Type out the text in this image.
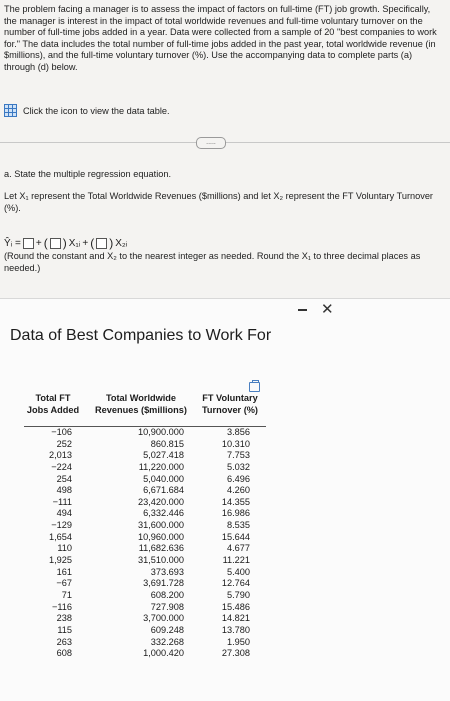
The problem facing a manager is to assess the impact of factors on full-time (FT) job growth. Specifically, the manager is interest in the impact of total worldwide revenues and full-time voluntary turnover on the number of full-time jobs added in a year. Data were collected from a sample of 20 "best companies to work for." The data includes the total number of full-time jobs added in the past year, total worldwide revenue (in $millions), and the full-time voluntary turnover (%). Use the accompanying data to complete parts (a) through (d) below.
Click the icon to view the data table.
.....
a. State the multiple regression equation.
Let X₁ represent the Total Worldwide Revenues ($millions) and let X₂ represent the FT Voluntary Turnover (%).
Ŷᵢ = + ( ) X₁ᵢ + ( ) X₂ᵢ
(Round the constant and X₂ to the nearest integer as needed. Round the X₁ to three decimal places as needed.)
Data of Best Companies to Work For
✕
Total FT
Jobs Added
Total Worldwide
Revenues ($millions)
FT Voluntary
Turnover (%)
−106	10,900.000	3.856
252	860.815	10.310
2,013	5,027.418	7.753
−224	11,220.000	5.032
254	5,040.000	6.496
498	6,671.684	4.260
−111	23,420.000	14.355
494	6,332.446	16.986
−129	31,600.000	8.535
1,654	10,960.000	15.644
110	11,682.636	4.677
1,925	31,510.000	11.221
161	373.693	5.400
−67	3,691.728	12.764
71	608.200	5.790
−116	727.908	15.486
238	3,700.000	14.821
115	609.248	13.780
263	332.268	1.950
608	1,000.420	27.308
